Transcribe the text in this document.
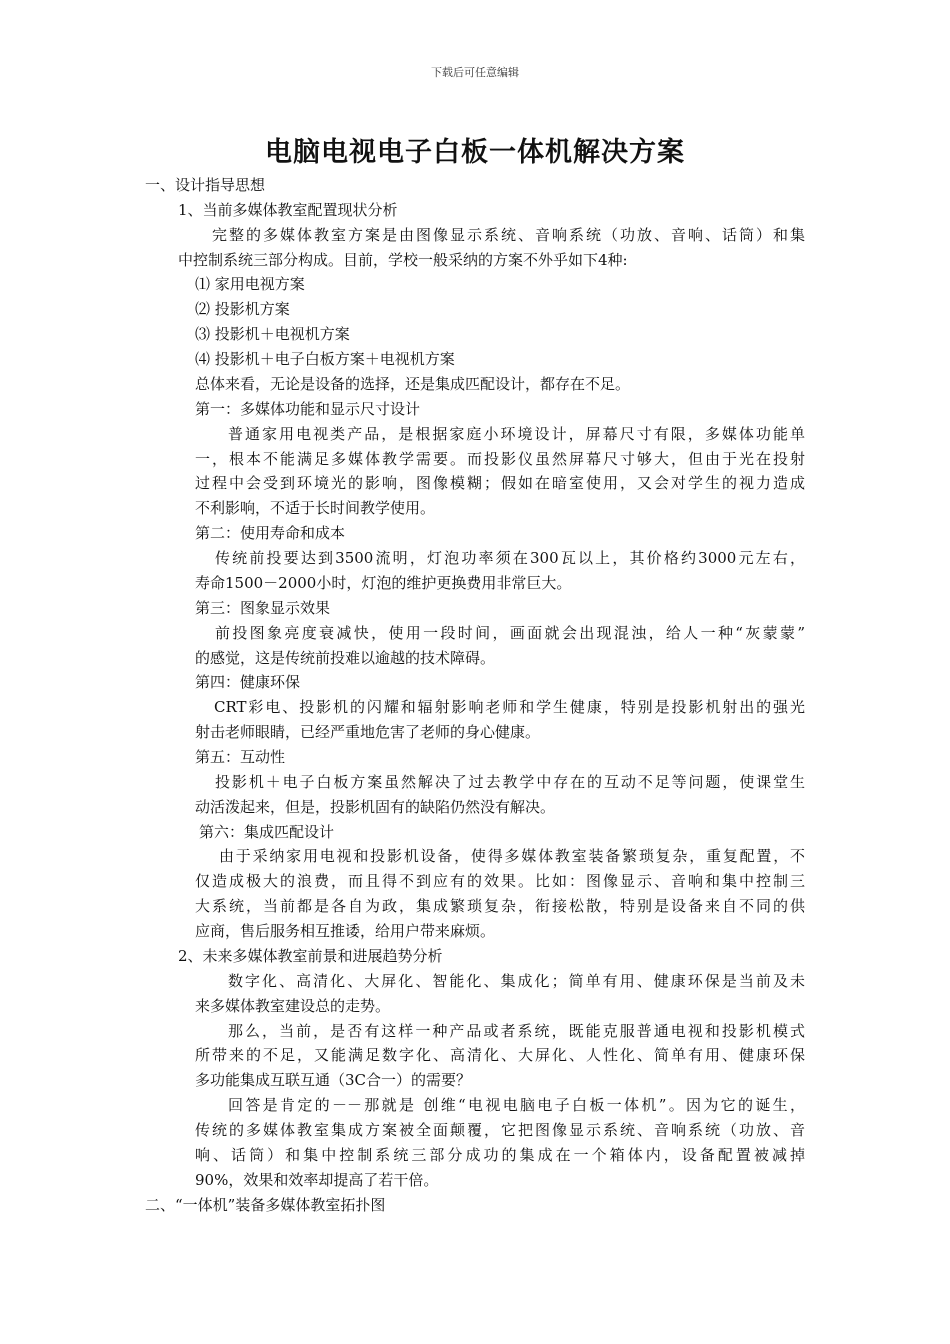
下载后可任意编辑
电脑电视电子白板一体机解决方案
一、设计指导思想
1、当前多媒体教室配置现状分析
完整的多媒体教室方案是由图像显示系统、音响系统（功放、音响、话筒）和集
中控制系统三部分构成。目前，学校一般采纳的方案不外乎如下4种:
⑴ 家用电视方案
⑵ 投影机方案
⑶ 投影机＋电视机方案
⑷ 投影机＋电子白板方案＋电视机方案
总体来看，无论是设备的选择，还是集成匹配设计，都存在不足。
第一：多媒体功能和显示尺寸设计
普通家用电视类产品，是根据家庭小环境设计，屏幕尺寸有限，多媒体功能单
一，根本不能满足多媒体教学需要。而投影仪虽然屏幕尺寸够大，但由于光在投射
过程中会受到环境光的影响，图像模糊；假如在暗室使用，又会对学生的视力造成
不利影响，不适于长时间教学使用。
第二：使用寿命和成本
传统前投要达到3500流明，灯泡功率须在300瓦以上，其价格约3000元左右，
寿命1500－2000小时，灯泡的维护更换费用非常巨大。
第三：图象显示效果
前投图象亮度衰减快，使用一段时间，画面就会出现混浊，给人一种“灰蒙蒙”
的感觉，这是传统前投难以逾越的技术障碍。
第四：健康环保
CRT彩电、投影机的闪耀和辐射影响老师和学生健康，特别是投影机射出的强光
射击老师眼睛，已经严重地危害了老师的身心健康。
第五：互动性
投影机＋电子白板方案虽然解决了过去教学中存在的互动不足等问题，使课堂生
动活泼起来，但是，投影机固有的缺陷仍然没有解决。
第六：集成匹配设计
由于采纳家用电视和投影机设备，使得多媒体教室装备繁琐复杂，重复配置，不
仅造成极大的浪费，而且得不到应有的效果。比如：图像显示、音响和集中控制三
大系统，当前都是各自为政，集成繁琐复杂，衔接松散，特别是设备来自不同的供
应商，售后服务相互推诿，给用户带来麻烦。
2、未来多媒体教室前景和进展趋势分析
数字化、高清化、大屏化、智能化、集成化；简单有用、健康环保是当前及未
来多媒体教室建设总的走势。
那么，当前，是否有这样一种产品或者系统，既能克服普通电视和投影机模式
所带来的不足，又能满足数字化、高清化、大屏化、人性化、简单有用、健康环保
多功能集成互联互通（3C合一）的需要？
回答是肯定的－－那就是 创维“电视电脑电子白板一体机”。因为它的诞生，
传统的多媒体教室集成方案被全面颠覆，它把图像显示系统、音响系统（功放、音
响、话筒）和集中控制系统三部分成功的集成在一个箱体内，设备配置被减掉
90%，效果和效率却提高了若干倍。
二、“一体机”装备多媒体教室拓扑图
